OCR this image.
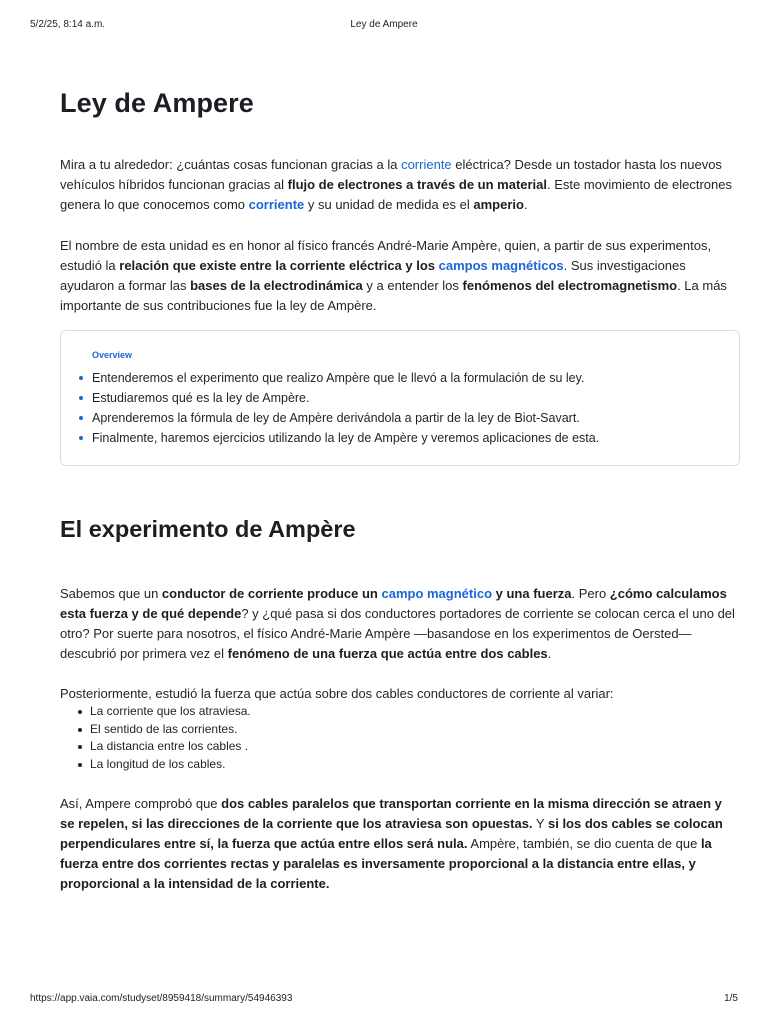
5/2/25, 8:14 a.m.	Ley de Ampere
Ley de Ampere

Mira a tu alrededor: ¿cuántas cosas funcionan gracias a la corriente eléctrica? Desde un tostador hasta los nuevos

vehículos híbridos funcionan gracias al flujo de electrones a través de un material. Este movimiento de electrones

genera lo que conocemos como corriente y su unidad de medida es el amperio.

El nombre de esta unidad es en honor al físico francés André-Marie Ampère, quien, a partir de sus experimentos,

estudió la relación que existe entre la corriente eléctrica y los campos magnéticos. Sus investigaciones

ayudaron a formar las bases de la electrodinámica y a entender los fenómenos del electromagnetismo. La más

importante de sus contribuciones fue la ley de Ampère.

Overview
Entenderemos el experimento que realizo Ampère que le llevó a la formulación de su ley.
Estudiaremos qué es la ley de Ampère.
Aprenderemos la fórmula de ley de Ampère derivándola a partir de la ley de Biot-Savart.
Finalmente, haremos ejercicios utilizando la ley de Ampère y veremos aplicaciones de esta.
El experimento de Ampère

Sabemos que un conductor de corriente produce un campo magnético y una fuerza. Pero ¿cómo calculamos

esta fuerza y de qué depende? y ¿qué pasa si dos conductores portadores de corriente se colocan cerca el uno del

otro? Por suerte para nosotros, el físico André-Marie Ampère —basandose en los experimentos de Oersted—

descubrió por primera vez el fenómeno de una fuerza que actúa entre dos cables.

Posteriormente, estudió la fuerza que actúa sobre dos cables conductores de corriente al variar:

La corriente que los atraviesa.
El sentido de las corrientes.
La distancia entre los cables .
La longitud de los cables.

Así, Ampere comprobó que dos cables paralelos que transportan corriente en la misma dirección se atraen y

se repelen, si las direcciones de la corriente que los atraviesa son opuestas. Y si los dos cables se colocan

perpendiculares entre sí, la fuerza que actúa entre ellos será nula. Ampère, también, se dio cuenta de que la

fuerza entre dos corrientes rectas y paralelas es inversamente proporcional a la distancia entre ellas, y

proporcional a la intensidad de la corriente.

https://app.vaia.com/studyset/8959418/summary/54946393	1/5
